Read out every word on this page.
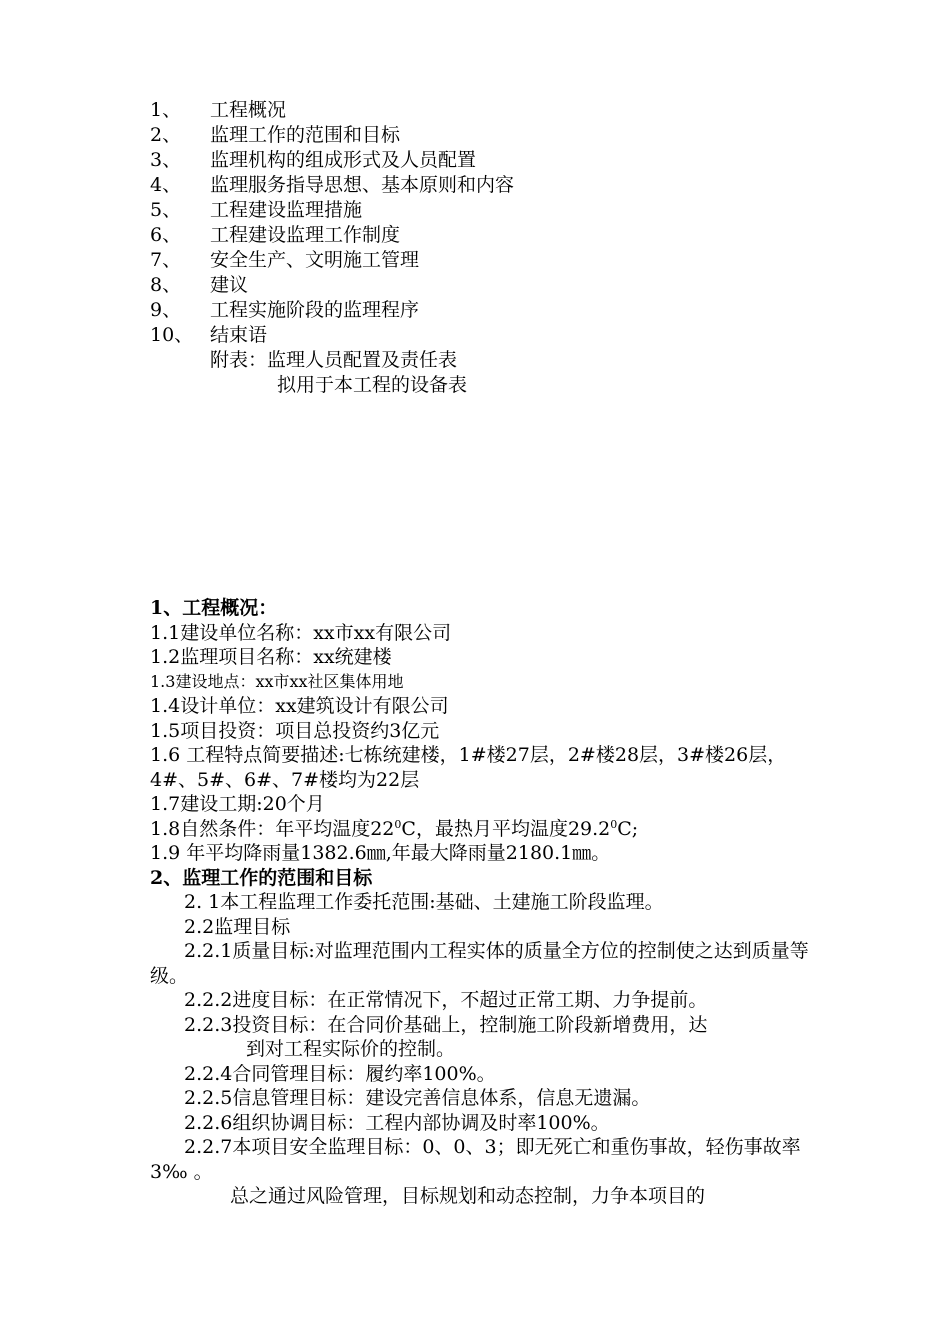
1、 工程概况
2、 监理工作的范围和目标
3、 监理机构的组成形式及人员配置
4、 监理服务指导思想、基本原则和内容
5、 工程建设监理措施
6、 工程建设监理工作制度
7、 安全生产、文明施工管理
8、 建议
9、 工程实施阶段的监理程序
10、 结束语
附表：监理人员配置及责任表
拟用于本工程的设备表
1、工程概况：
1.1建设单位名称：xx市xx有限公司
1.2监理项目名称：xx统建楼
1.3建设地点：xx市xx社区集体用地
1.4设计单位：xx建筑设计有限公司
1.5项目投资：项目总投资约3亿元
1.6 工程特点简要描述:七栋统建楼，1#楼27层，2#楼28层，3#楼26层，4#、5#、6#、7#楼均为22层
1.7建设工期:20个月
1.8自然条件：年平均温度$22^0C$，最热月平均温度29.2$^0$C;
1.9 年平均降雨量1382.6㎜,年最大降雨量2180.1㎜。
2、监理工作的范围和目标
2. 1本工程监理工作委托范围:基础、土建施工阶段监理。
2.2监理目标
2.2.1质量目标:对监理范围内工程实体的质量全方位的控制使之达到质量等级。
2.2.2进度目标：在正常情况下，不超过正常工期、力争提前。
2.2.3投资目标：在合同价基础上，控制施工阶段新增费用，达
到对工程实际价的控制。
2.2.4合同管理目标：履约率100%。
2.2.5信息管理目标：建设完善信息体系，信息无遗漏。
2.2.6组织协调目标：工程内部协调及时率100%。
2.2.7本项目安全监理目标：0、0、3；即无死亡和重伤事故，轻伤事故率3‰ 。
总之通过风险管理，目标规划和动态控制，力争本项目的
